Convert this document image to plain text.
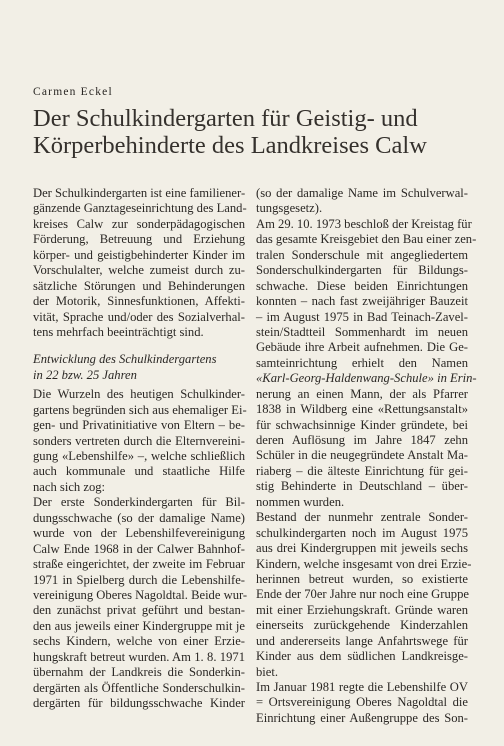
Carmen Eckel
Der Schulkindergarten für Geistig- und
Körperbehinderte des Landkreises Calw
Der Schulkindergarten ist eine familiener-
gänzende Ganztageseinrichtung des Land-
kreises Calw zur sonderpädagogischen
Förderung, Betreuung und Erziehung
körper- und geistigbehinderter Kinder im
Vorschulalter, welche zumeist durch zu-
sätzliche Störungen und Behinderungen
der Motorik, Sinnesfunktionen, Affekti-
vität, Sprache und/oder des Sozialverhal-
tens mehrfach beeinträchtigt sind.
Entwicklung des Schulkindergartens
in 22 bzw. 25 Jahren
Die Wurzeln des heutigen Schulkinder-
gartens begründen sich aus ehemaliger Ei-
gen- und Privatinitiative von Eltern – be-
sonders vertreten durch die Elternvereini-
gung «Lebenshilfe» –, welche schließlich
auch kommunale und staatliche Hilfe
nach sich zog:
Der erste Sonderkindergarten für Bil-
dungsschwache (so der damalige Name)
wurde von der Lebenshilfevereinigung
Calw Ende 1968 in der Calwer Bahnhof-
straße eingerichtet, der zweite im Februar
1971 in Spielberg durch die Lebenshilfe-
vereinigung Oberes Nagoldtal. Beide wur-
den zunächst privat geführt und bestan-
den aus jeweils einer Kindergruppe mit je
sechs Kindern, welche von einer Erzie-
hungskraft betreut wurden. Am 1. 8. 1971
übernahm der Landkreis die Sonderkin-
dergärten als Öffentliche Sonderschulkin-
dergärten für bildungsschwache Kinder
(so der damalige Name im Schulverwal-
tungsgesetz).
Am 29. 10. 1973 beschloß der Kreistag für
das gesamte Kreisgebiet den Bau einer zen-
tralen Sonderschule mit angegliedertem
Sonderschulkindergarten für Bildungs-
schwache. Diese beiden Einrichtungen
konnten – nach fast zweijähriger Bauzeit
– im August 1975 in Bad Teinach-Zavel-
stein/Stadtteil Sommenhardt im neuen
Gebäude ihre Arbeit aufnehmen. Die Ge-
samteinrichtung erhielt den Namen
«Karl-Georg-Haldenwang-Schule» in Erin-
nerung an einen Mann, der als Pfarrer
1838 in Wildberg eine «Rettungsanstalt»
für schwachsinnige Kinder gründete, bei
deren Auflösung im Jahre 1847 zehn
Schüler in die neugegründete Anstalt Ma-
riaberg – die älteste Einrichtung für gei-
stig Behinderte in Deutschland – über-
nommen wurden.
Bestand der nunmehr zentrale Sonder-
schulkindergarten noch im August 1975
aus drei Kindergruppen mit jeweils sechs
Kindern, welche insgesamt von drei Erzie-
herinnen betreut wurden, so existierte
Ende der 70er Jahre nur noch eine Gruppe
mit einer Erziehungskraft. Gründe waren
einerseits zurückgehende Kinderzahlen
und andererseits lange Anfahrtswege für
Kinder aus dem südlichen Landkreisge-
biet.
Im Januar 1981 regte die Lebenshilfe OV
= Ortsvereinigung Oberes Nagoldtal die
Einrichtung einer Außengruppe des Son-
